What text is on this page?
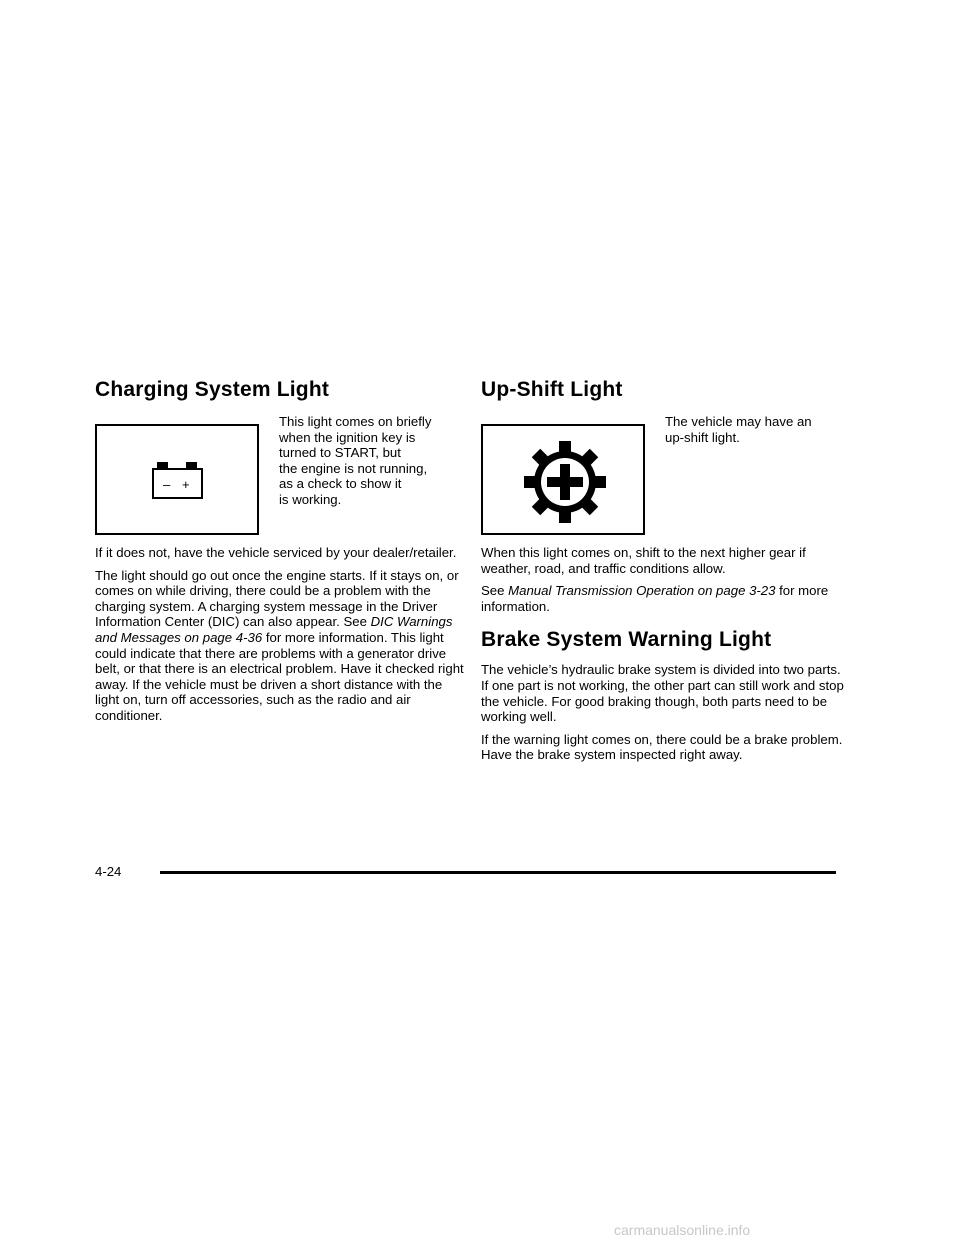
Charging System Light
– +

This light comes on briefly
when the ignition key is
turned to START, but
the engine is not running,
as a check to show it
is working.

If it does not, have the vehicle serviced by your dealer/retailer.

The light should go out once the engine starts. If it stays on, or comes on while driving, there could be a problem with the charging system. A charging system message in the Driver Information Center (DIC) can also appear. See DIC Warnings and Messages on page 4-36 for more information. This light could indicate that there are problems with a generator drive belt, or that there is an electrical problem. Have it checked right away. If the vehicle must be driven a short distance with the light on, turn off accessories, such as the radio and air conditioner.

Up-Shift Light

The vehicle may have an
up-shift light.

When this light comes on, shift to the next higher gear if weather, road, and traffic conditions allow.

See Manual Transmission Operation on page 3-23 for more information.

Brake System Warning Light

The vehicle’s hydraulic brake system is divided into two parts. If one part is not working, the other part can still work and stop the vehicle. For good braking though, both parts need to be working well.

If the warning light comes on, there could be a brake problem. Have the brake system inspected right away.

4-24
carmanualsonline.info
